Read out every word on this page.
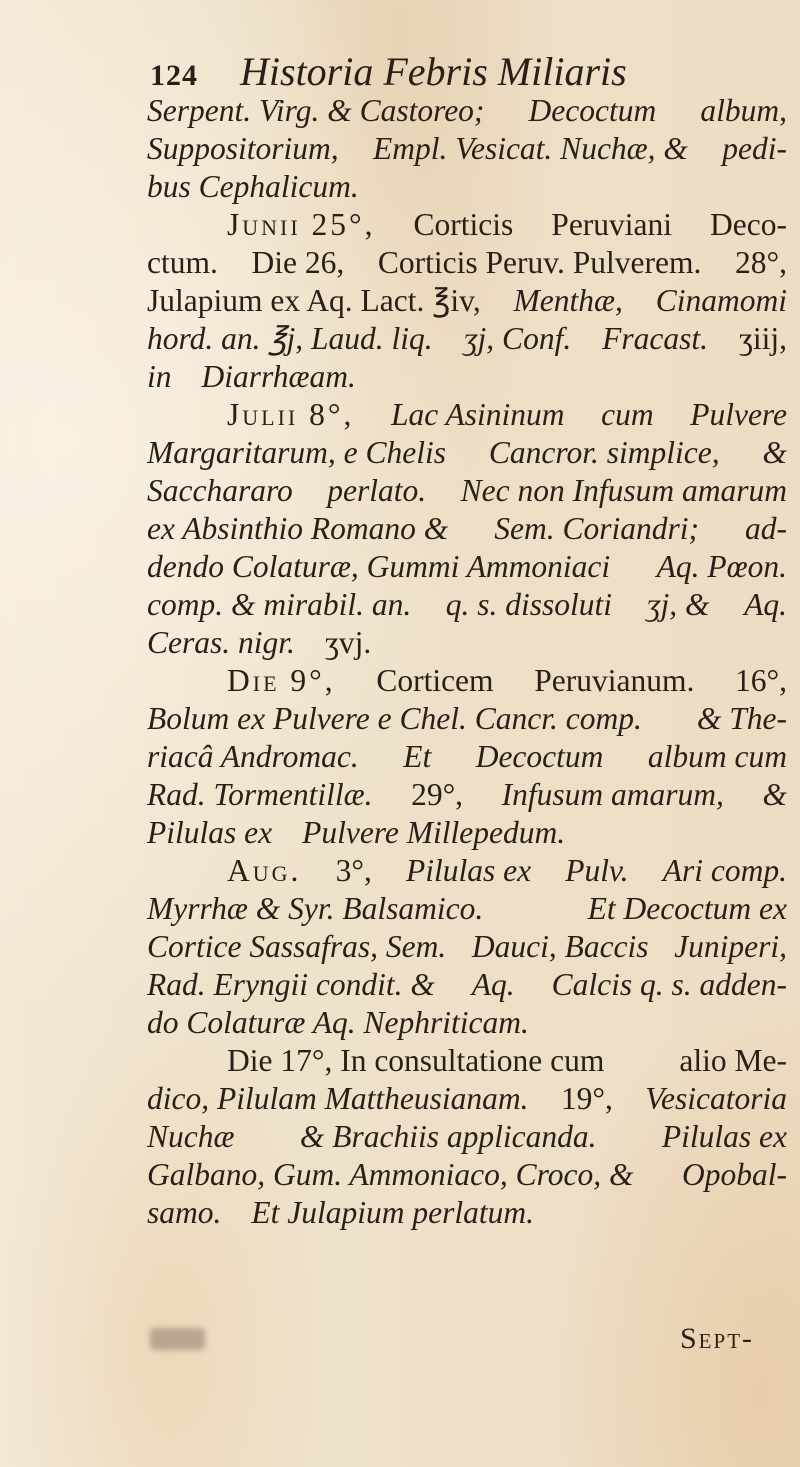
124	Historia Febris Miliaris
Serpent. Virg. & Castoreo; Decoctum album,
Suppositorium, Empl. Vesicat. Nuchæ, & pedi-
bus Cephalicum.
Junii 25°, Corticis Peruviani Deco-
ctum. Die 26, Corticis Peruv. Pulverem. 28°,
Julapium ex Aq. Lact. ℥iv, Menthæ, Cinamomi
hord. an. ℥j, Laud. liq. ʒj, Conf. Fracast. ʒiij,
in Diarrhæam.
Julii 8°, Lac Asininum cum Pulvere
Margaritarum, e Chelis Cancror. simplice, &
Sacchararo perlato. Nec non Infusum amarum
ex Absinthio Romano & Sem. Coriandri; ad-
dendo Colaturæ, Gummi Ammoniaci Aq. Pœon.
comp. & mirabil. an. q. s. dissoluti ʒj, & Aq.
Ceras. nigr. ʒvj.
Die 9°, Corticem Peruvianum. 16°,
Bolum ex Pulvere e Chel. Cancr. comp. & The-
riacâ Andromac. Et Decoctum album cum
Rad. Tormentillæ. 29°, Infusum amarum, &
Pilulas ex Pulvere Millepedum.
Aug. 3°, Pilulas ex Pulv. Ari comp.
Myrrhæ & Syr. Balsamico.	Et Decoctum ex
Cortice Sassafras, Sem. Dauci, Baccis Juniperi,
Rad. Eryngii condit. & Aq. Calcis q. s. adden-
do Colaturæ Aq. Nephriticam.
Die 17°, In consultatione cum alio Me-
dico, Pilulam Mattheusianam. 19°, Vesicatoria
Nuchæ & Brachiis applicanda. Pilulas ex
Galbano, Gum. Ammoniaco, Croco, & Opobal-
samo. Et Julapium perlatum.
Sept-
